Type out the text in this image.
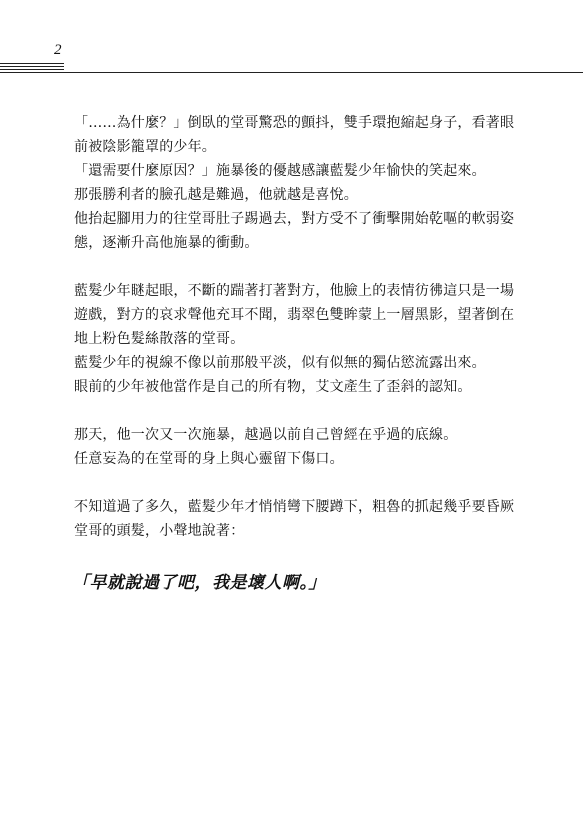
2
「……為什麼？」倒臥的堂哥驚恐的顫抖，雙手環抱縮起身子，看著眼
前被陰影籠罩的少年。
「還需要什麼原因？」施暴後的優越感讓藍髮少年愉快的笑起來。
那張勝利者的臉孔越是難過，他就越是喜悅。
他抬起腳用力的往堂哥肚子踢過去，對方受不了衝擊開始乾嘔的軟弱姿
態，逐漸升高他施暴的衝動。
藍髮少年瞇起眼，不斷的踹著打著對方，他臉上的表情彷彿這只是一場
遊戲，對方的哀求聲他充耳不聞，翡翠色雙眸蒙上一層黑影，望著倒在
地上粉色髮絲散落的堂哥。
藍髮少年的視線不像以前那般平淡，似有似無的獨佔慾流露出來。
眼前的少年被他當作是自己的所有物，艾文產生了歪斜的認知。
那天，他一次又一次施暴，越過以前自己曾經在乎過的底線。
任意妄為的在堂哥的身上與心靈留下傷口。
不知道過了多久，藍髮少年才悄悄彎下腰蹲下，粗魯的抓起幾乎要昏厥
堂哥的頭髮，小聲地說著：
「早就說過了吧，我是壞人啊。」
